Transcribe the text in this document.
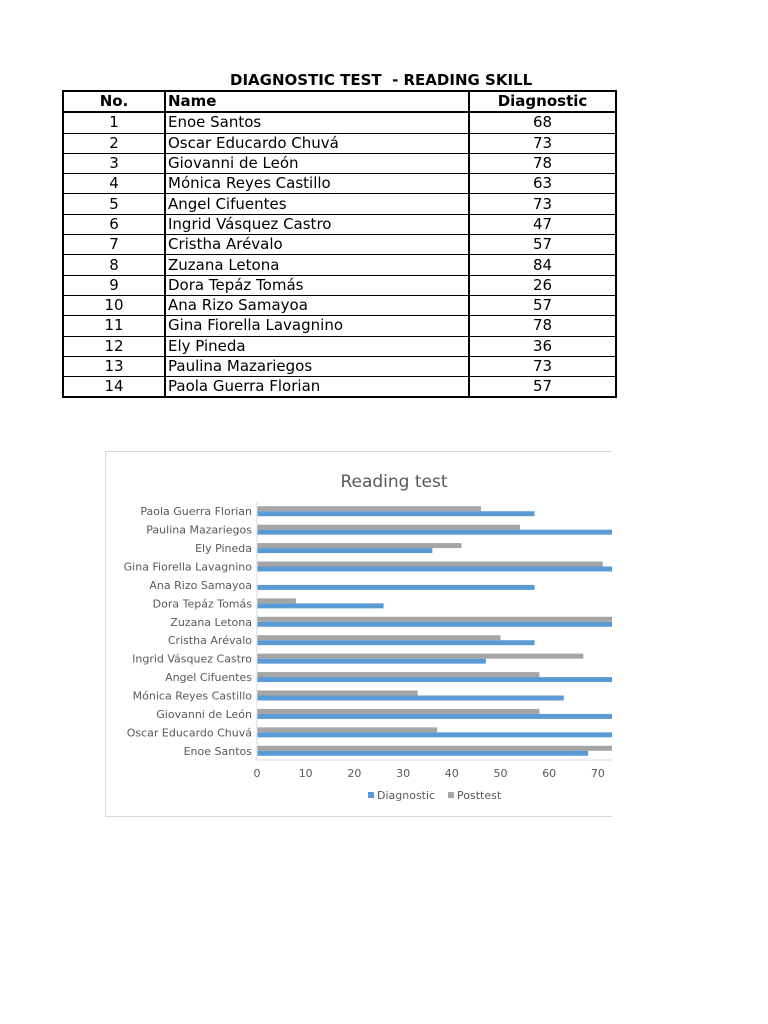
DIAGNOSTIC TEST  - READING SKILL
No.	Name	Diagnostic
1	Enoe Santos	68
2	Oscar Educardo Chuvá	73
3	Giovanni de León	78
4	Mónica Reyes Castillo	63
5	Angel Cifuentes	73
6	Ingrid Vásquez Castro	47
7	Cristha Arévalo	57
8	Zuzana Letona	84
9	Dora Tepáz Tomás	26
10	Ana Rizo Samayoa	57
11	Gina Fiorella Lavagnino	78
12	Ely Pineda	36
13	Paulina Mazariegos	73
14	Paola Guerra Florian	57
Reading test
Enoe Santos
Oscar Educardo Chuvá
Giovanni de León
Mónica Reyes Castillo
Angel Cifuentes
Ingrid Vásquez Castro
Cristha Arévalo
Zuzana Letona
Dora Tepáz Tomás
Ana Rizo Samayoa
Gina Fiorella Lavagnino
Ely Pineda
Paulina Mazariegos
Paola Guerra Florian
0	10	20	30	40	50	60	70
Diagnostic Posttest
